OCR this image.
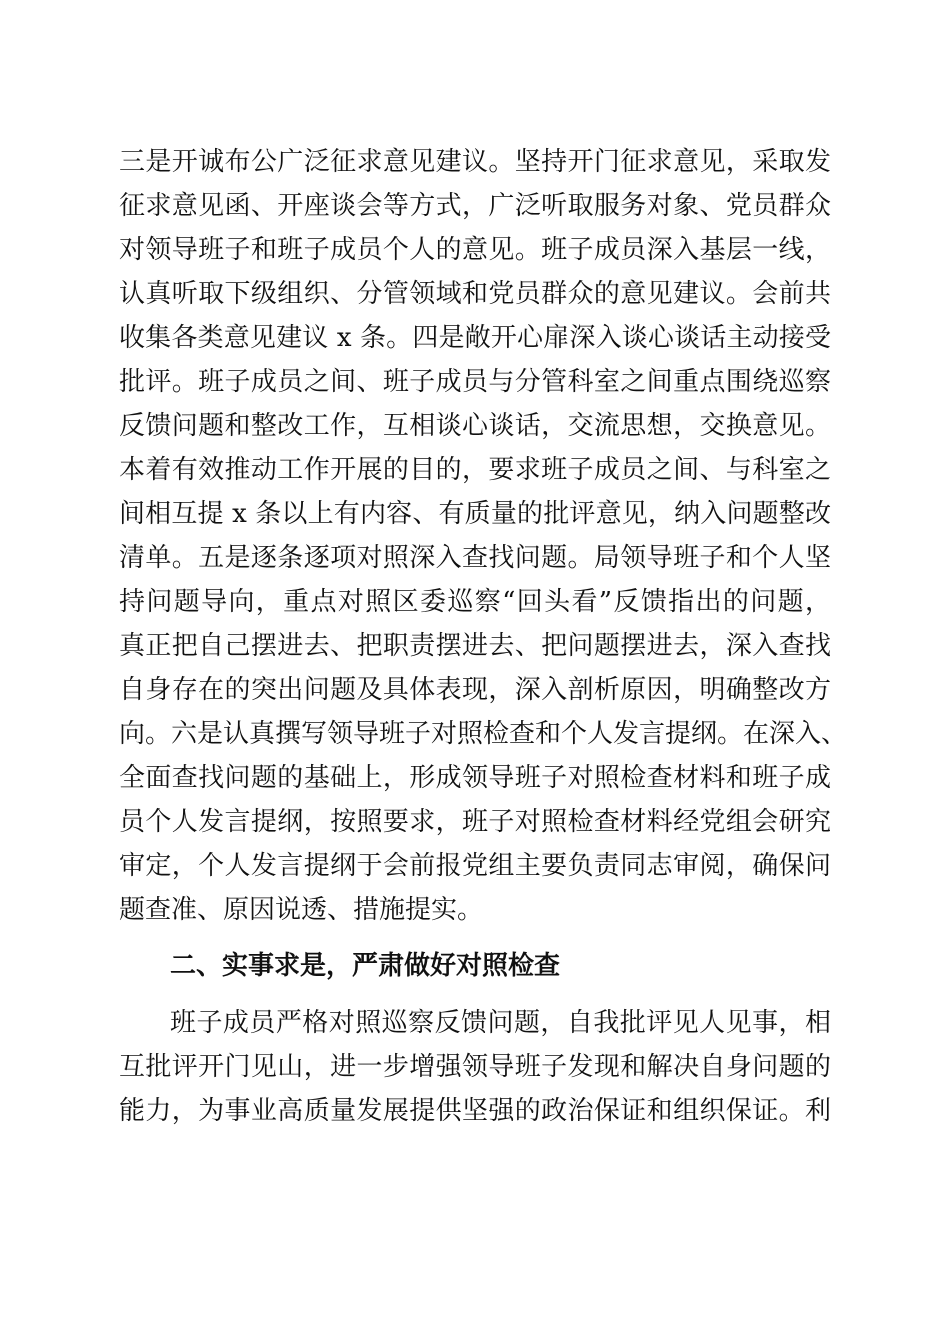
三是开诚布公广泛征求意见建议。坚持开门征求意见，采取发
征求意见函、开座谈会等方式，广泛听取服务对象、党员群众
对领导班子和班子成员个人的意见。班子成员深入基层一线，
认真听取下级组织、分管领域和党员群众的意见建议。会前共
收集各类意见建议 x 条。四是敞开心扉深入谈心谈话主动接受
批评。班子成员之间、班子成员与分管科室之间重点围绕巡察
反馈问题和整改工作，互相谈心谈话，交流思想，交换意见。
本着有效推动工作开展的目的，要求班子成员之间、与科室之
间相互提 x 条以上有内容、有质量的批评意见，纳入问题整改
清单。五是逐条逐项对照深入查找问题。局领导班子和个人坚
持问题导向，重点对照区委巡察“回头看”反馈指出的问题，
真正把自己摆进去、把职责摆进去、把问题摆进去，深入查找
自身存在的突出问题及具体表现，深入剖析原因，明确整改方
向。六是认真撰写领导班子对照检查和个人发言提纲。在深入、
全面查找问题的基础上，形成领导班子对照检查材料和班子成
员个人发言提纲，按照要求，班子对照检查材料经党组会研究
审定，个人发言提纲于会前报党组主要负责同志审阅，确保问
题查准、原因说透、措施提实。
二、实事求是，严肃做好对照检查
班子成员严格对照巡察反馈问题，自我批评见人见事，相
互批评开门见山，进一步增强领导班子发现和解决自身问题的
能力，为事业高质量发展提供坚强的政治保证和组织保证。利
